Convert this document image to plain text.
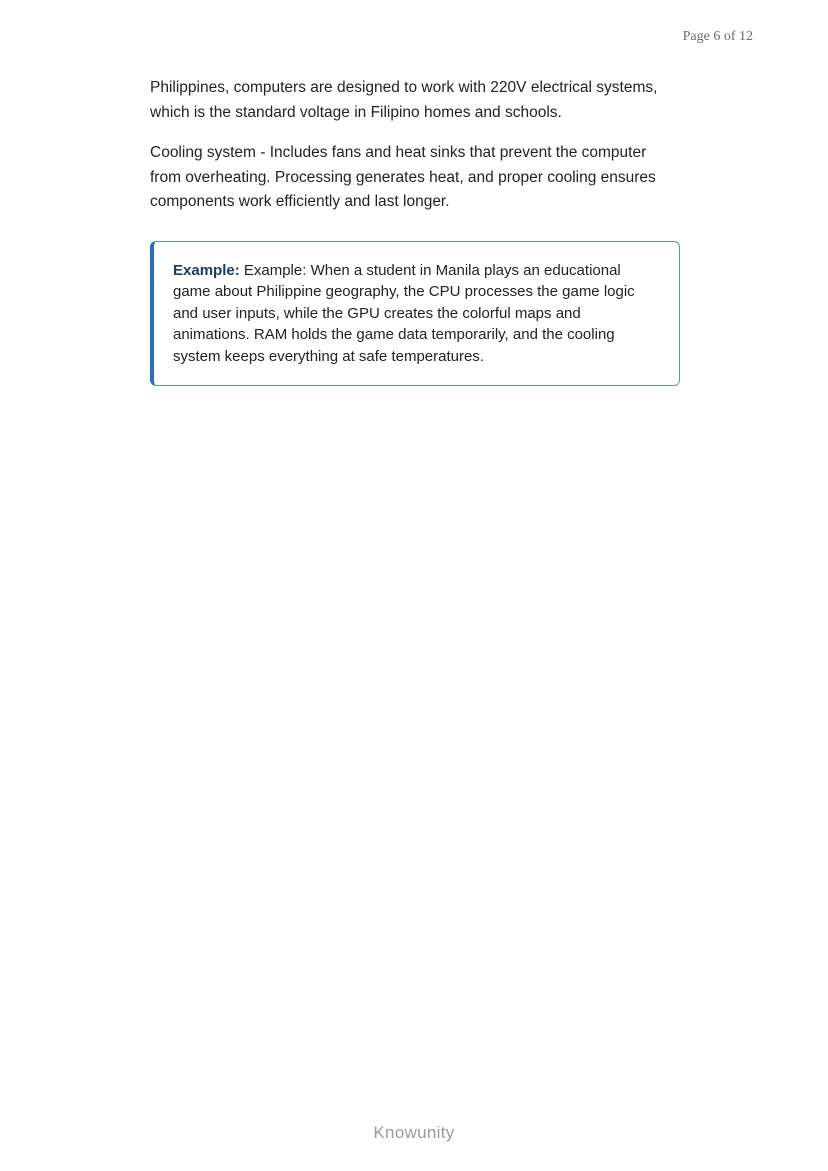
Page 6 of 12

Philippines, computers are designed to work with 220V electrical systems, which is the standard voltage in Filipino homes and schools.

Cooling system - Includes fans and heat sinks that prevent the computer from overheating. Processing generates heat, and proper cooling ensures components work efficiently and last longer.

Example: Example: When a student in Manila plays an educational game about Philippine geography, the CPU processes the game logic and user inputs, while the GPU creates the colorful maps and animations. RAM holds the game data temporarily, and the cooling system keeps everything at safe temperatures.
Knowunity
